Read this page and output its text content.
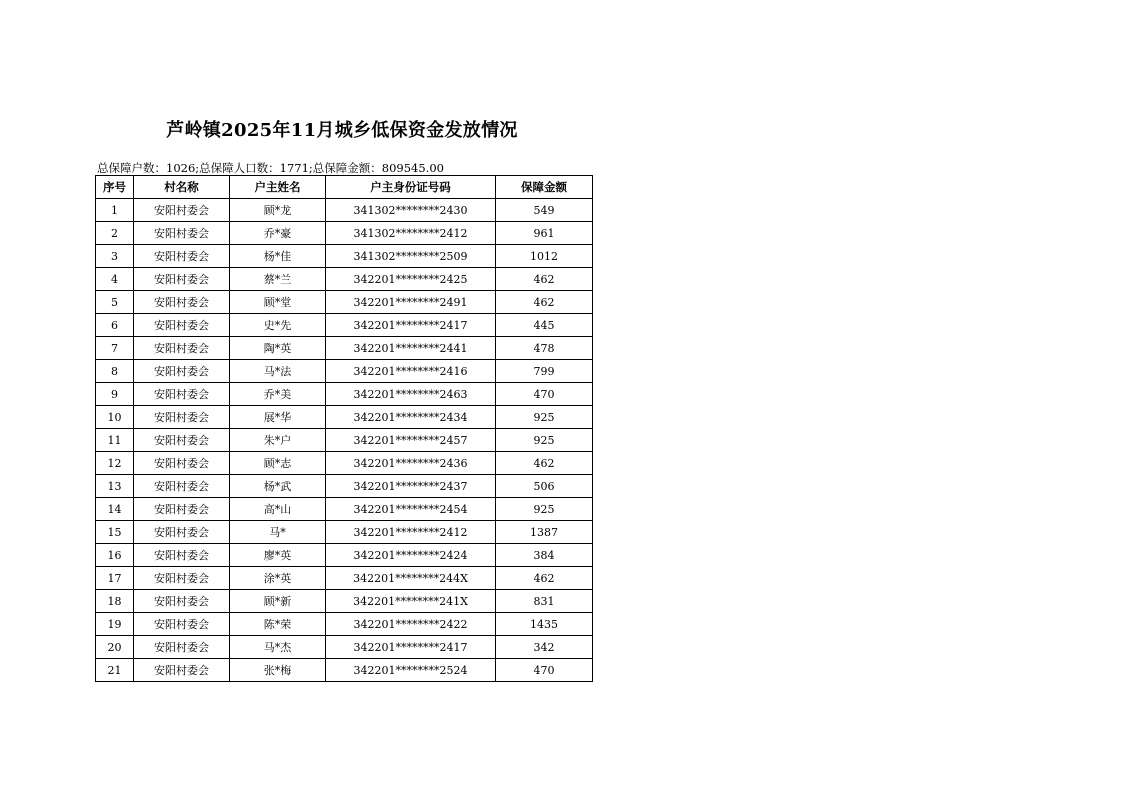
芦岭镇2025年11月城乡低保资金发放情况
总保障户数：1026;总保障人口数：1771;总保障金额：809545.00
序号	村名称	户主姓名	户主身份证号码	保障金额
1	安阳村委会	顾*龙	341302********2430	549
2	安阳村委会	乔*豪	341302********2412	961
3	安阳村委会	杨*佳	341302********2509	1012
4	安阳村委会	蔡*兰	342201********2425	462
5	安阳村委会	顾*堂	342201********2491	462
6	安阳村委会	史*先	342201********2417	445
7	安阳村委会	陶*英	342201********2441	478
8	安阳村委会	马*法	342201********2416	799
9	安阳村委会	乔*美	342201********2463	470
10	安阳村委会	展*华	342201********2434	925
11	安阳村委会	朱*户	342201********2457	925
12	安阳村委会	顾*志	342201********2436	462
13	安阳村委会	杨*武	342201********2437	506
14	安阳村委会	高*山	342201********2454	925
15	安阳村委会	马*	342201********2412	1387
16	安阳村委会	廖*英	342201********2424	384
17	安阳村委会	涂*英	342201********244X	462
18	安阳村委会	顾*新	342201********241X	831
19	安阳村委会	陈*荣	342201********2422	1435
20	安阳村委会	马*杰	342201********2417	342
21	安阳村委会	张*梅	342201********2524	470
